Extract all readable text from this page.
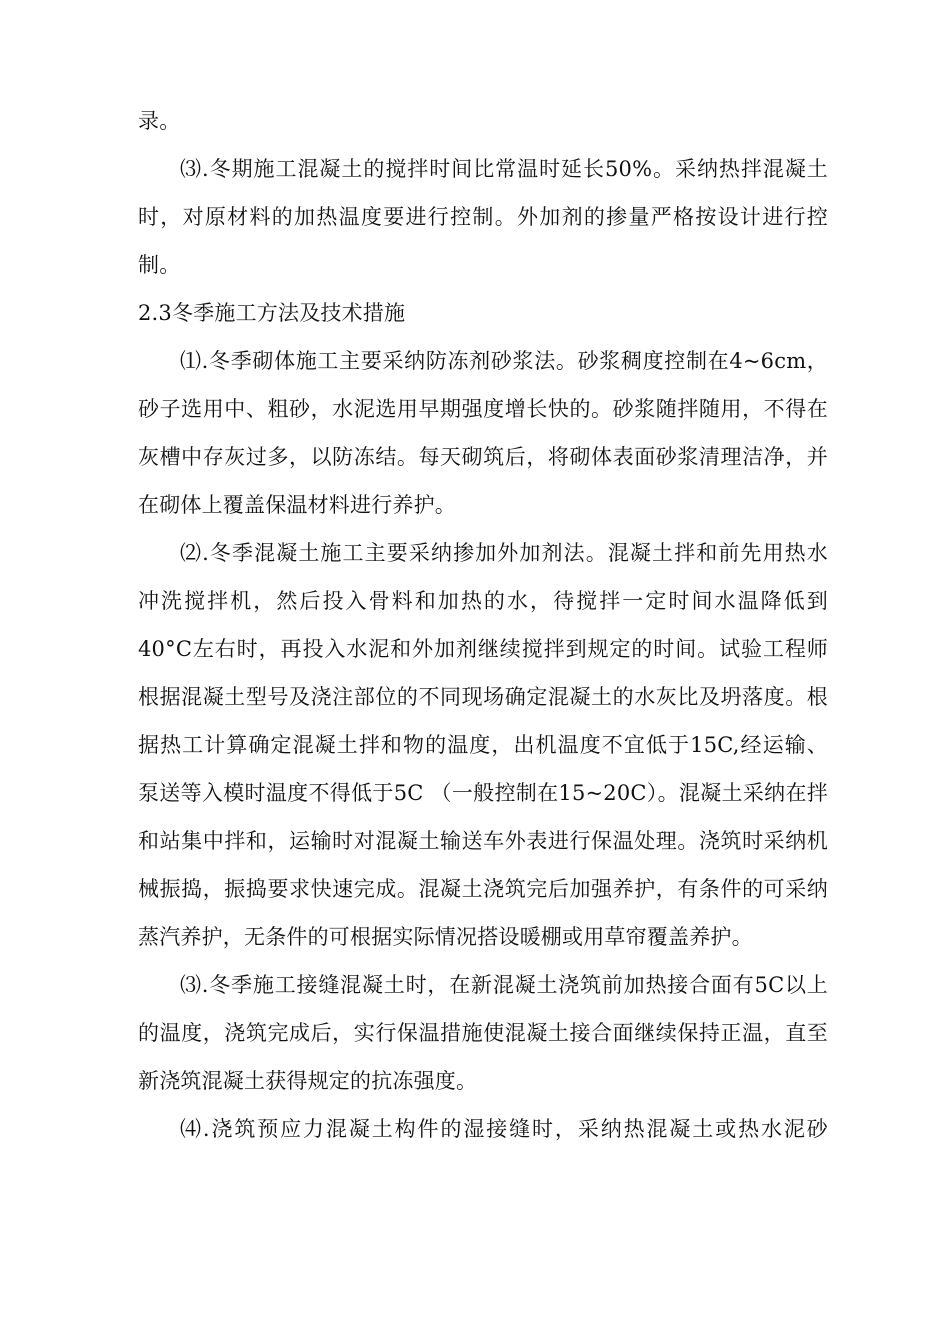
录。
⑶.冬期施工混凝土的搅拌时间比常温时延长50%。采纳热拌混凝土
时，对原材料的加热温度要进行控制。外加剂的掺量严格按设计进行控
制。
2.3冬季施工方法及技术措施
⑴.冬季砌体施工主要采纳防冻剂砂浆法。砂浆稠度控制在4~6cm，
砂子选用中、粗砂，水泥选用早期强度增长快的。砂浆随拌随用，不得在
灰槽中存灰过多，以防冻结。每天砌筑后，将砌体表面砂浆清理洁净，并
在砌体上覆盖保温材料进行养护。
⑵.冬季混凝土施工主要采纳掺加外加剂法。混凝土拌和前先用热水
冲洗搅拌机，然后投入骨料和加热的水，待搅拌一定时间水温降低到
40°C左右时，再投入水泥和外加剂继续搅拌到规定的时间。试验工程师
根据混凝土型号及浇注部位的不同现场确定混凝土的水灰比及坍落度。根
据热工计算确定混凝土拌和物的温度，出机温度不宜低于15C,经运输、
泵送等入模时温度不得低于5C （一般控制在15~20C）。混凝土采纳在拌
和站集中拌和，运输时对混凝土输送车外表进行保温处理。浇筑时采纳机
械振捣，振捣要求快速完成。混凝土浇筑完后加强养护，有条件的可采纳
蒸汽养护，无条件的可根据实际情况搭设暖棚或用草帘覆盖养护。
⑶.冬季施工接缝混凝土时，在新混凝土浇筑前加热接合面有5C以上
的温度，浇筑完成后，实行保温措施使混凝土接合面继续保持正温，直至
新浇筑混凝土获得规定的抗冻强度。
⑷.浇筑预应力混凝土构件的湿接缝时，采纳热混凝土或热水泥砂
